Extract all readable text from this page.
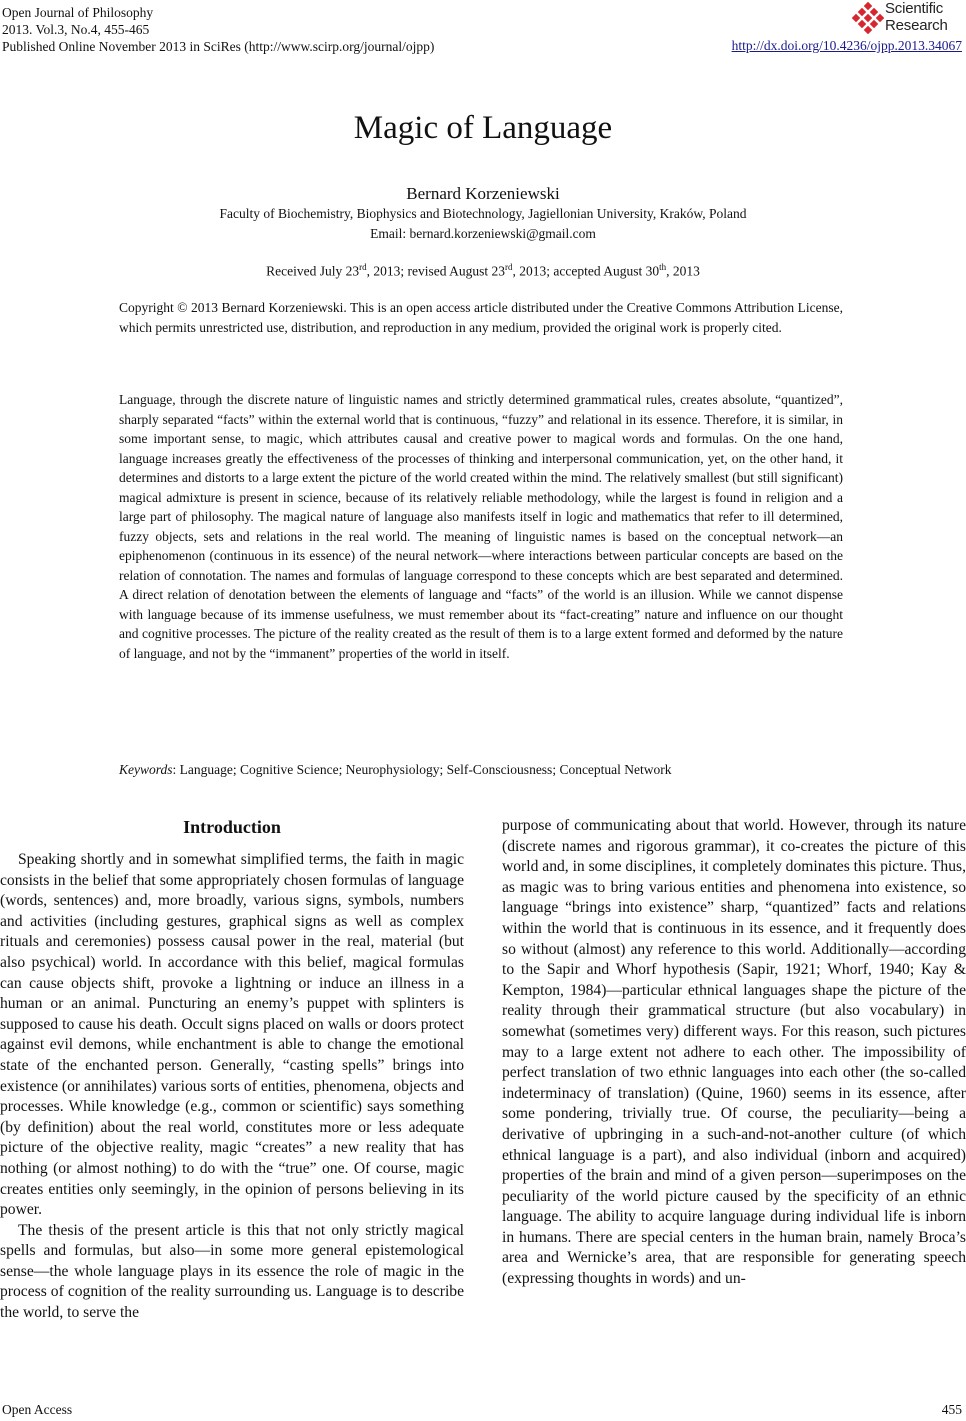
Open Journal of Philosophy
2013. Vol.3, No.4, 455-465
Published Online November 2013 in SciRes (http://www.scirp.org/journal/ojpp)
Scientific
Research
http://dx.doi.org/10.4236/ojpp.2013.34067
Magic of Language
Bernard Korzeniewski
Faculty of Biochemistry, Biophysics and Biotechnology, Jagiellonian University, Kraków, Poland
Email: bernard.korzeniewski@gmail.com
Received July 23rd, 2013; revised August 23rd, 2013; accepted August 30th, 2013
Copyright © 2013 Bernard Korzeniewski. This is an open access article distributed under the Creative Commons Attribution License, which permits unrestricted use, distribution, and reproduction in any medium, provided the original work is properly cited.
Language, through the discrete nature of linguistic names and strictly determined grammatical rules, creates absolute, “quantized”, sharply separated “facts” within the external world that is continuous, “fuzzy” and relational in its essence. Therefore, it is similar, in some important sense, to magic, which attributes causal and creative power to magical words and formulas. On the one hand, language increases greatly the effectiveness of the processes of thinking and interpersonal communication, yet, on the other hand, it determines and distorts to a large extent the picture of the world created within the mind. The relatively smallest (but still significant) magical admixture is present in science, because of its relatively reliable methodology, while the largest is found in religion and a large part of philosophy. The magical nature of language also manifests itself in logic and mathematics that refer to ill determined, fuzzy objects, sets and relations in the real world. The meaning of linguistic names is based on the conceptual network—an epiphenomenon (continuous in its essence) of the neural network—where interactions between particular concepts are based on the relation of connotation. The names and formulas of language correspond to these concepts which are best separated and determined. A direct relation of denotation between the elements of language and “facts” of the world is an illusion. While we cannot dispense with language because of its immense usefulness, we must remember about its “fact-creating” nature and influence on our thought and cognitive processes. The picture of the reality created as the result of them is to a large extent formed and deformed by the nature of language, and not by the “immanent” properties of the world in itself.
Keywords: Language; Cognitive Science; Neurophysiology; Self-Consciousness; Conceptual Network
Introduction

Speaking shortly and in somewhat simplified terms, the faith in magic consists in the belief that some appropriately chosen formulas of language (words, sentences) and, more broadly, various signs, symbols, numbers and activities (including gestures, graphical signs as well as complex rituals and ceremonies) possess causal power in the real, material (but also psychical) world. In accordance with this belief, magical formulas can cause objects shift, provoke a lightning or induce an illness in a human or an animal. Puncturing an enemy’s puppet with splinters is supposed to cause his death. Occult signs placed on walls or doors protect against evil demons, while enchantment is able to change the emotional state of the enchanted person. Generally, “casting spells” brings into existence (or annihilates) various sorts of entities, phenomena, objects and processes. While knowledge (e.g., common or scientific) says something (by definition) about the real world, constitutes more or less adequate picture of the objective reality, magic “creates” a new reality that has nothing (or almost nothing) to do with the “true” one. Of course, magic creates entities only seemingly, in the opinion of persons believing in its power.

The thesis of the present article is this that not only strictly magical spells and formulas, but also—in some more general epistemological sense—the whole language plays in its essence the role of magic in the process of cognition of the reality surrounding us. Language is to describe the world, to serve the

purpose of communicating about that world. However, through its nature (discrete names and rigorous grammar), it co-creates the picture of this world and, in some disciplines, it completely dominates this picture. Thus, as magic was to bring various entities and phenomena into existence, so language “brings into existence” sharp, “quantized” facts and relations within the world that is continuous in its essence, and it frequently does so without (almost) any reference to this world. Additionally—according to the Sapir and Whorf hypothesis (Sapir, 1921; Whorf, 1940; Kay & Kempton, 1984)—particular ethnical languages shape the picture of the reality through their grammatical structure (but also vocabulary) in somewhat (sometimes very) different ways. For this reason, such pictures may to a large extent not adhere to each other. The impossibility of perfect translation of two ethnic languages into each other (the so-called indeterminacy of translation) (Quine, 1960) seems in its essence, after some pondering, trivially true. Of course, the peculiarity—being a derivative of upbringing in a such-and-not-another culture (of which ethnical language is a part), and also individual (inborn and acquired) properties of the brain and mind of a given person—superimposes on the peculiarity of the world picture caused by the specificity of an ethnic language. The ability to acquire language during individual life is inborn in humans. There are special centers in the human brain, namely Broca’s area and Wernicke’s area, that are responsible for generating speech (expressing thoughts in words) and un-

Open Access	455
